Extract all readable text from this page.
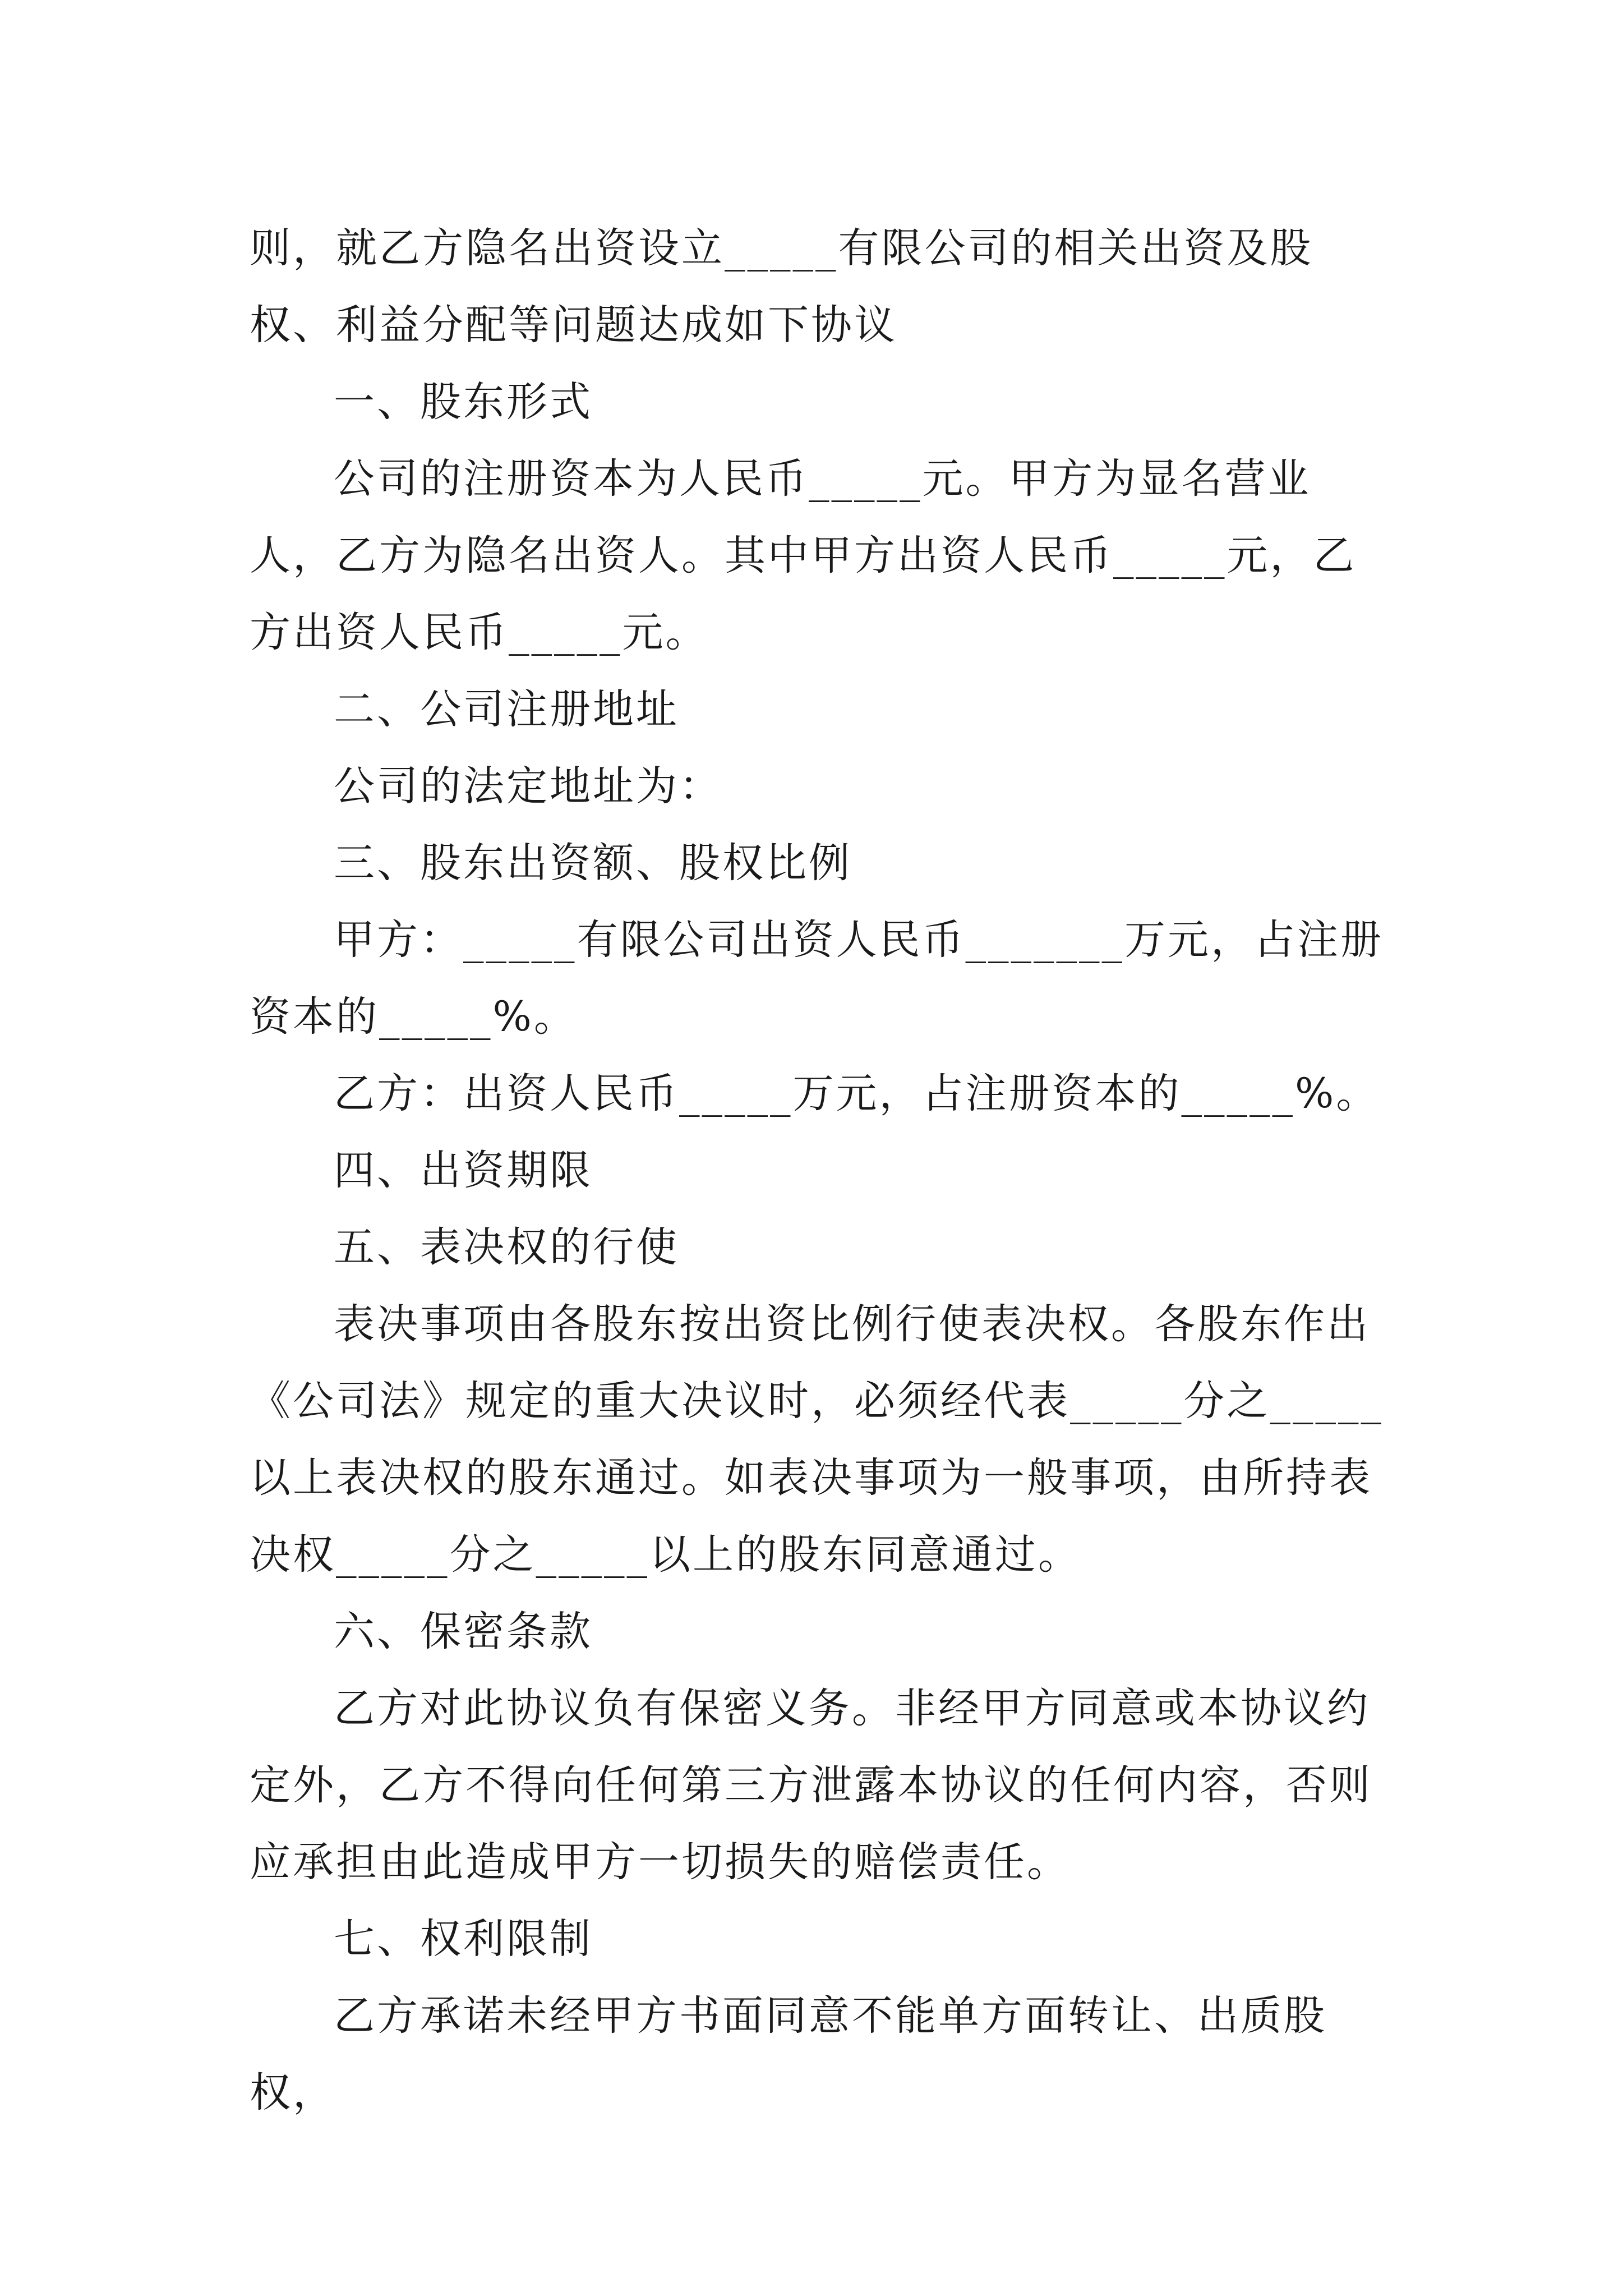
则，就乙方隐名出资设立_____有限公司的相关出资及股权、利益分配等问题达成如下协议

一、股东形式

公司的注册资本为人民币_____元。甲方为显名营业人，乙方为隐名出资人。其中甲方出资人民币_____元，乙方出资人民币_____元。

二、公司注册地址

公司的法定地址为：

三、股东出资额、股权比例

甲方：_____有限公司出资人民币_______万元，占注册资本的_____%。

乙方：出资人民币_____万元，占注册资本的_____%。

四、出资期限

五、表决权的行使

表决事项由各股东按出资比例行使表决权。各股东作出《公司法》规定的重大决议时，必须经代表_____分之_____以上表决权的股东通过。如表决事项为一般事项，由所持表决权_____分之_____以上的股东同意通过。

六、保密条款

乙方对此协议负有保密义务。非经甲方同意或本协议约定外，乙方不得向任何第三方泄露本协议的任何内容，否则应承担由此造成甲方一切损失的赔偿责任。

七、权利限制

乙方承诺未经甲方书面同意不能单方面转让、出质股权，
